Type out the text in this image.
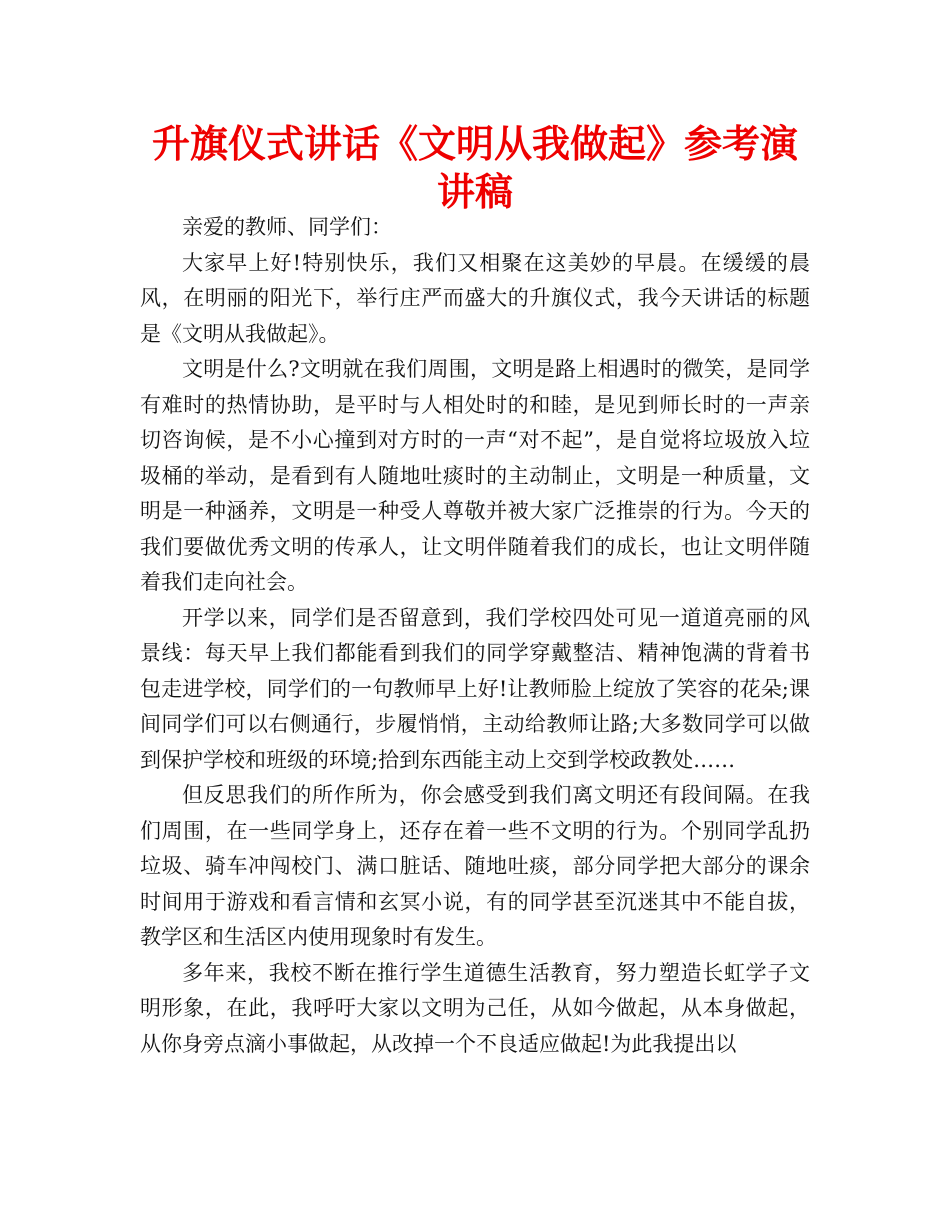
升旗仪式讲话《文明从我做起》参考演讲稿

亲爱的教师、同学们：

大家早上好!特别快乐，我们又相聚在这美妙的早晨。在缓缓的晨风，在明丽的阳光下，举行庄严而盛大的升旗仪式，我今天讲话的标题是《文明从我做起》。

文明是什么?文明就在我们周围，文明是路上相遇时的微笑，是同学有难时的热情协助，是平时与人相处时的和睦，是见到师长时的一声亲切咨询候，是不小心撞到对方时的一声“对不起”，是自觉将垃圾放入垃圾桶的举动，是看到有人随地吐痰时的主动制止，文明是一种质量，文明是一种涵养，文明是一种受人尊敬并被大家广泛推崇的行为。今天的我们要做优秀文明的传承人，让文明伴随着我们的成长，也让文明伴随着我们走向社会。

开学以来，同学们是否留意到，我们学校四处可见一道道亮丽的风景线：每天早上我们都能看到我们的同学穿戴整洁、精神饱满的背着书包走进学校，同学们的一句教师早上好!让教师脸上绽放了笑容的花朵;课间同学们可以右侧通行，步履悄悄，主动给教师让路;大多数同学可以做到保护学校和班级的环境;拾到东西能主动上交到学校政教处……

但反思我们的所作所为，你会感受到我们离文明还有段间隔。在我们周围，在一些同学身上，还存在着一些不文明的行为。个别同学乱扔垃圾、骑车冲闯校门、满口脏话、随地吐痰，部分同学把大部分的课余时间用于游戏和看言情和玄冥小说，有的同学甚至沉迷其中不能自拔，教学区和生活区内使用现象时有发生。

多年来，我校不断在推行学生道德生活教育，努力塑造长虹学子文明形象，在此，我呼吁大家以文明为己任，从如今做起，从本身做起，从你身旁点滴小事做起，从改掉一个不良适应做起!为此我提出以
